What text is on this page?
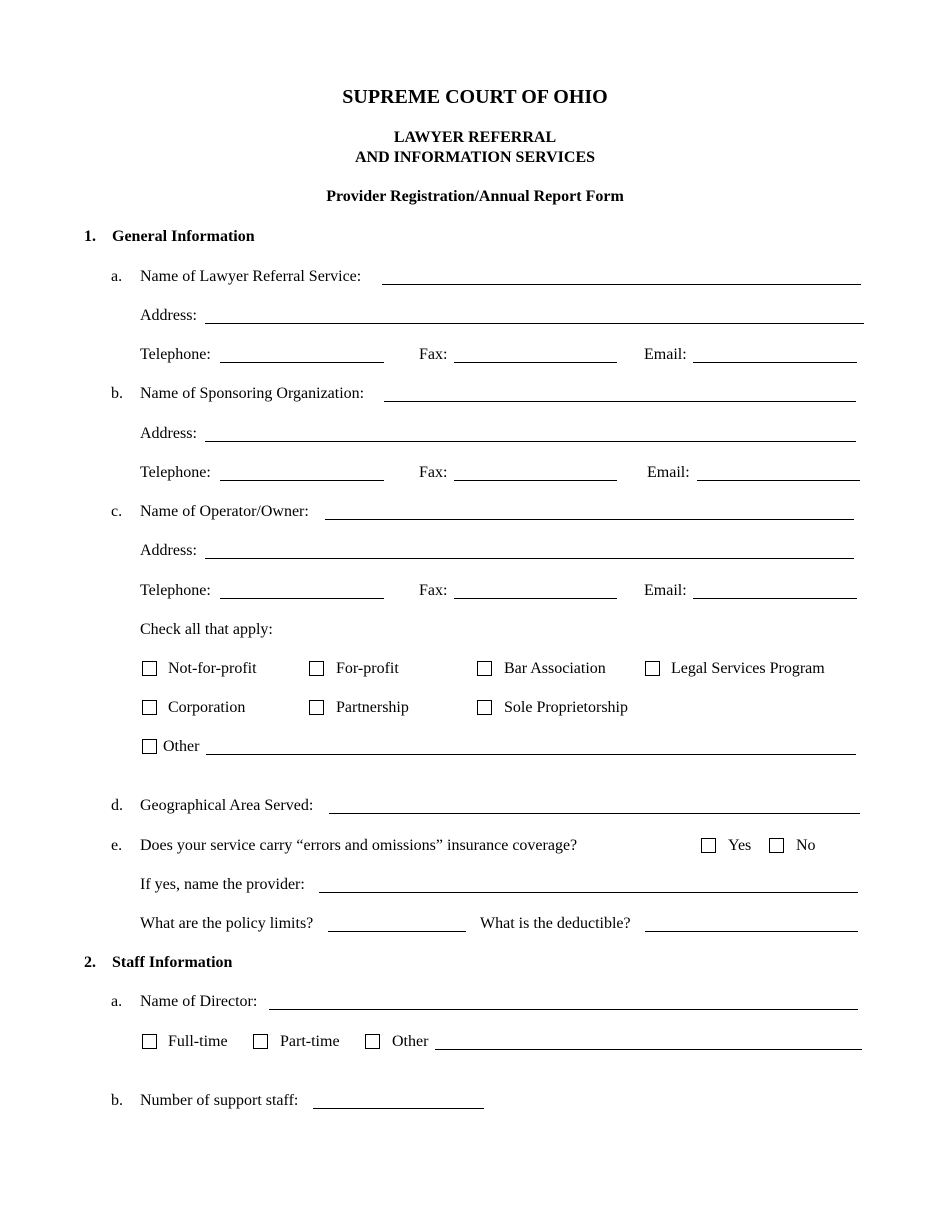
SUPREME COURT OF OHIO
LAWYER REFERRAL
AND INFORMATION SERVICES
Provider Registration/Annual Report Form
1. General Information
a. Name of Lawyer Referral Service:
Address:
Telephone:	Fax:	Email:
b. Name of Sponsoring Organization:
Address:
Telephone:	Fax:	Email:
c. Name of Operator/Owner:
Address:
Telephone:	Fax:	Email:
Check all that apply:
Not-for-profit	For-profit	Bar Association	Legal Services Program
Corporation	Partnership	Sole Proprietorship
Other
d. Geographical Area Served:
e. Does your service carry “errors and omissions” insurance coverage?	Yes	No
If yes, name the provider:
What are the policy limits?	What is the deductible?
2. Staff Information
a. Name of Director:
Full-time	Part-time	Other
b. Number of support staff:
